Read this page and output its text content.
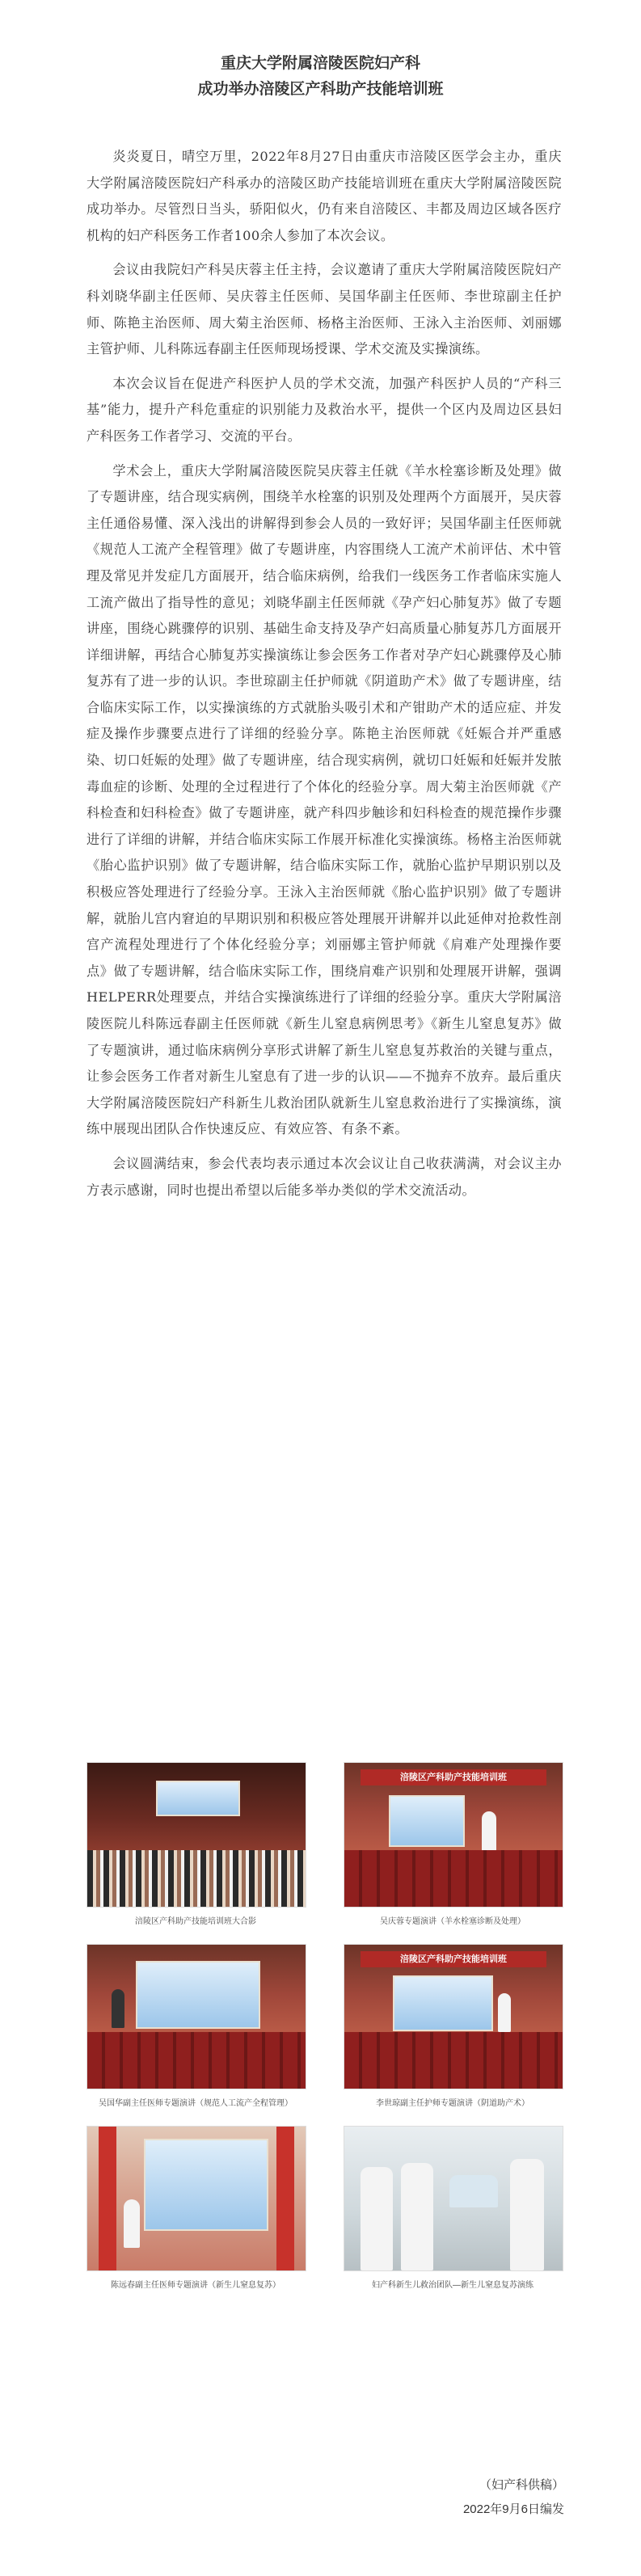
重庆大学附属涪陵医院妇产科
成功举办涪陵区产科助产技能培训班

炎炎夏日，晴空万里，2022年8月27日由重庆市涪陵区医学会主办，重庆大学附属涪陵医院妇产科承办的涪陵区助产技能培训班在重庆大学附属涪陵医院成功举办。尽管烈日当头，骄阳似火，仍有来自涪陵区、丰都及周边区域各医疗机构的妇产科医务工作者100余人参加了本次会议。

会议由我院妇产科吴庆蓉主任主持，会议邀请了重庆大学附属涪陵医院妇产科刘晓华副主任医师、吴庆蓉主任医师、吴国华副主任医师、李世琼副主任护师、陈艳主治医师、周大菊主治医师、杨格主治医师、王泳入主治医师、刘丽娜主管护师、儿科陈远春副主任医师现场授课、学术交流及实操演练。

本次会议旨在促进产科医护人员的学术交流，加强产科医护人员的“产科三基”能力，提升产科危重症的识别能力及救治水平，提供一个区内及周边区县妇产科医务工作者学习、交流的平台。

学术会上，重庆大学附属涪陵医院吴庆蓉主任就《羊水栓塞诊断及处理》做了专题讲座，结合现实病例，围绕羊水栓塞的识别及处理两个方面展开，吴庆蓉主任通俗易懂、深入浅出的讲解得到参会人员的一致好评；吴国华副主任医师就《规范人工流产全程管理》做了专题讲座，内容围绕人工流产术前评估、术中管理及常见并发症几方面展开，结合临床病例，给我们一线医务工作者临床实施人工流产做出了指导性的意见；刘晓华副主任医师就《孕产妇心肺复苏》做了专题讲座，围绕心跳骤停的识别、基础生命支持及孕产妇高质量心肺复苏几方面展开详细讲解，再结合心肺复苏实操演练让参会医务工作者对孕产妇心跳骤停及心肺复苏有了进一步的认识。李世琼副主任护师就《阴道助产术》做了专题讲座，结合临床实际工作，以实操演练的方式就胎头吸引术和产钳助产术的适应症、并发症及操作步骤要点进行了详细的经验分享。陈艳主治医师就《妊娠合并严重感染、切口妊娠的处理》做了专题讲座，结合现实病例，就切口妊娠和妊娠并发脓毒血症的诊断、处理的全过程进行了个体化的经验分享。周大菊主治医师就《产科检查和妇科检查》做了专题讲座，就产科四步触诊和妇科检查的规范操作步骤进行了详细的讲解，并结合临床实际工作展开标准化实操演练。杨格主治医师就《胎心监护识别》做了专题讲解，结合临床实际工作，就胎心监护早期识别以及积极应答处理进行了经验分享。王泳入主治医师就《胎心监护识别》做了专题讲解，就胎儿宫内窘迫的早期识别和积极应答处理展开讲解并以此延伸对抢救性剖宫产流程处理进行了个体化经验分享；刘丽娜主管护师就《肩难产处理操作要点》做了专题讲解，结合临床实际工作，围绕肩难产识别和处理展开讲解，强调HELPERR处理要点，并结合实操演练进行了详细的经验分享。重庆大学附属涪陵医院儿科陈远春副主任医师就《新生儿窒息病例思考》《新生儿窒息复苏》做了专题演讲，通过临床病例分享形式讲解了新生儿窒息复苏救治的关键与重点，让参会医务工作者对新生儿窒息有了进一步的认识——不抛弃不放弃。最后重庆大学附属涪陵医院妇产科新生儿救治团队就新生儿窒息救治进行了实操演练，演练中展现出团队合作快速反应、有效应答、有条不紊。

会议圆满结束，参会代表均表示通过本次会议让自己收获满满，对会议主办方表示感谢，同时也提出希望以后能多举办类似的学术交流活动。

涪陵区产科助产技能培训班大合影
涪陵区产科助产技能培训班
吴庆蓉专题演讲（羊水栓塞诊断及处理）
吴国华副主任医师专题演讲（规范人工流产全程管理）
涪陵区产科助产技能培训班
李世琼副主任护师专题演讲（阴道助产术）
陈远春副主任医师专题演讲（新生儿窒息复苏）	妇产科新生儿救治团队—新生儿窒息复苏演练
（妇产科供稿）
2022年9月6日编发
